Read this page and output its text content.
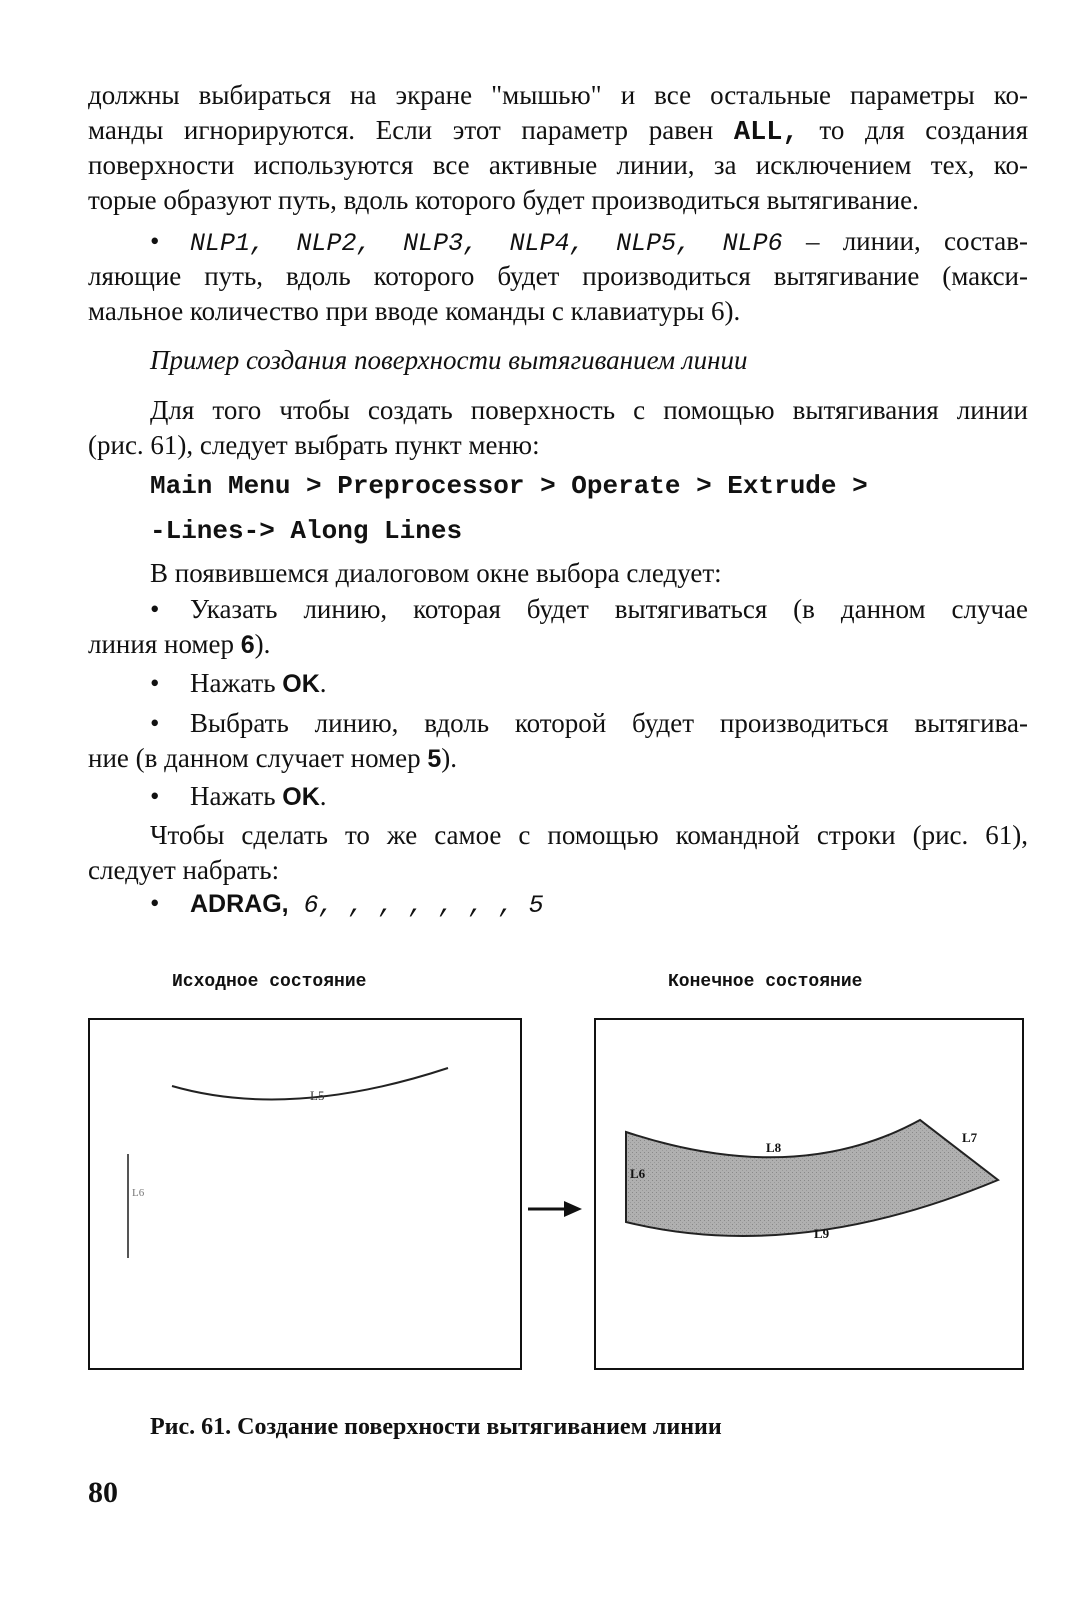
должны выбираться на экране "мышью" и все остальные параметры ко-
манды игнорируются. Если этот параметр равен ALL, то для создания
поверхности используются все активные линии, за исключением тех, ко-
торые образуют путь, вдоль которого будет производиться вытягивание.
• NLP1, NLP2, NLP3, NLP4, NLP5, NLP6 – линии, состав-
ляющие путь, вдоль которого будет производиться вытягивание (макси-
мальное количество при вводе команды с клавиатуры 6).
Пример создания поверхности вытягиванием линии
Для того чтобы создать поверхность с помощью вытягивания линии
(рис. 61), следует выбрать пункт меню:
Main Menu > Preprocessor > Operate > Extrude >
-Lines-> Along Lines
В появившемся диалоговом окне выбора следует:
• Указать линию, которая будет вытягиваться (в данном случае
линия номер 6).
• Нажать OK.
• Выбрать линию, вдоль которой будет производиться вытягива-
ние (в данном случает номер 5).
• Нажать OK.
Чтобы сделать то же самое с помощью командной строки (рис. 61),
следует набрать:
• ADRAG, 6, , , , , , , 5
Исходное состояние	Конечное состояние
L5
L6
L8
L7
L6
L9
Рис. 61. Создание поверхности вытягиванием линии
80
